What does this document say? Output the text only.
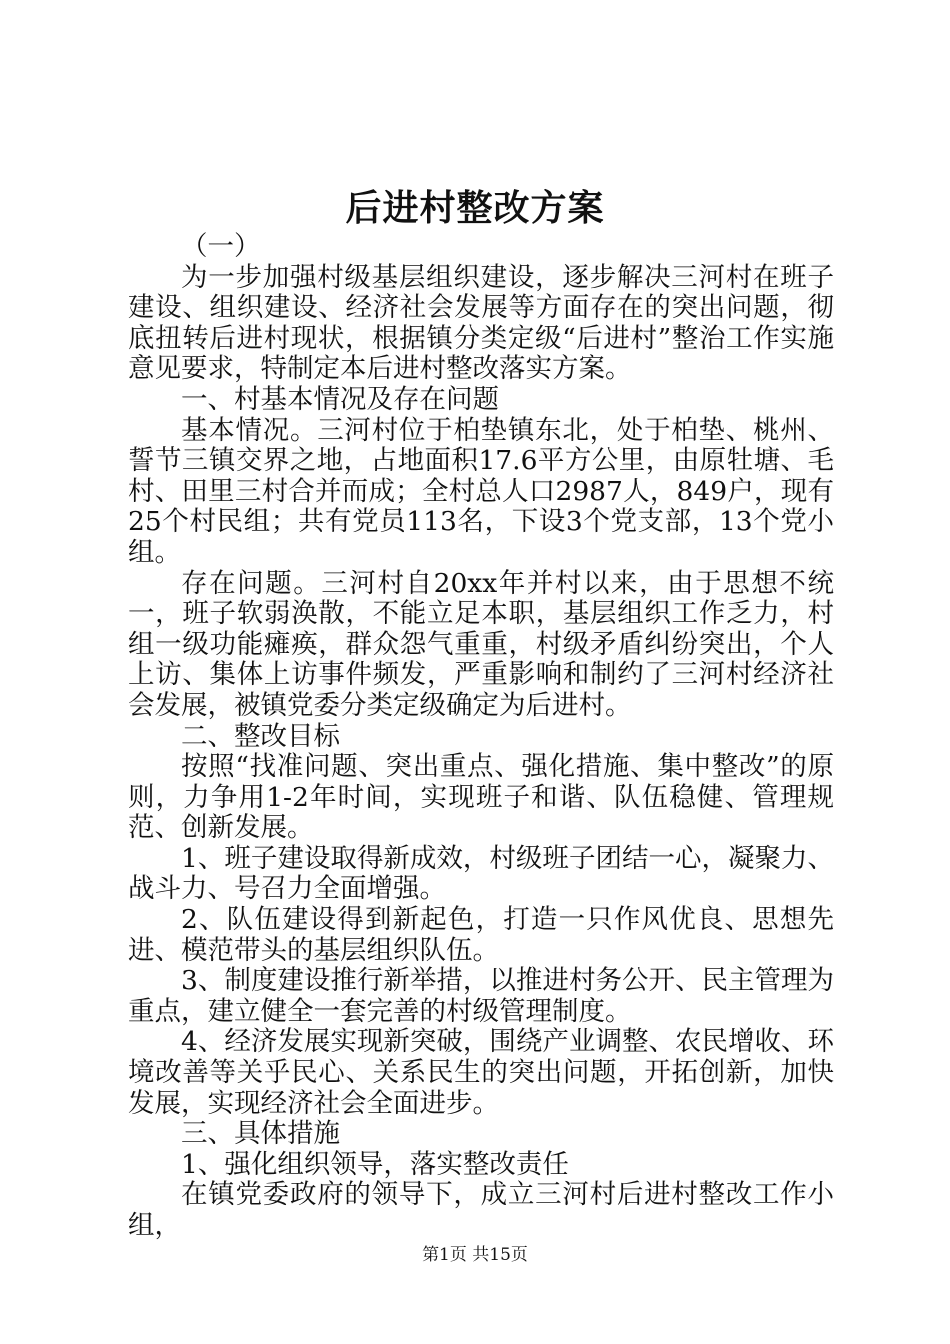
后进村整改方案

（一）

为一步加强村级基层组织建设，逐步解决三河村在班子建设、组织建设、经济社会发展等方面存在的突出问题，彻底扭转后进村现状，根据镇分类定级“后进村”整治工作实施意见要求，特制定本后进村整改落实方案。

一、村基本情况及存在问题

基本情况。三河村位于柏垫镇东北，处于柏垫、桃州、誓节三镇交界之地，占地面积17.6平方公里，由原牡塘、毛村、田里三村合并而成；全村总人口2987人，849户，现有25个村民组；共有党员113名，下设3个党支部，13个党小组。

存在问题。三河村自20xx年并村以来，由于思想不统一，班子软弱涣散，不能立足本职，基层组织工作乏力，村组一级功能瘫痪，群众怨气重重，村级矛盾纠纷突出，个人上访、集体上访事件频发，严重影响和制约了三河村经济社会发展，被镇党委分类定级确定为后进村。

二、整改目标

按照“找准问题、突出重点、强化措施、集中整改”的原则，力争用1-2年时间，实现班子和谐、队伍稳健、管理规范、创新发展。

1、班子建设取得新成效，村级班子团结一心，凝聚力、战斗力、号召力全面增强。

2、队伍建设得到新起色，打造一只作风优良、思想先进、模范带头的基层组织队伍。

3、制度建设推行新举措，以推进村务公开、民主管理为重点，建立健全一套完善的村级管理制度。

4、经济发展实现新突破，围绕产业调整、农民增收、环境改善等关乎民心、关系民生的突出问题，开拓创新，加快发展，实现经济社会全面进步。

三、具体措施

1、强化组织领导，落实整改责任

在镇党委政府的领导下，成立三河村后进村整改工作小组，

第1页 共15页
